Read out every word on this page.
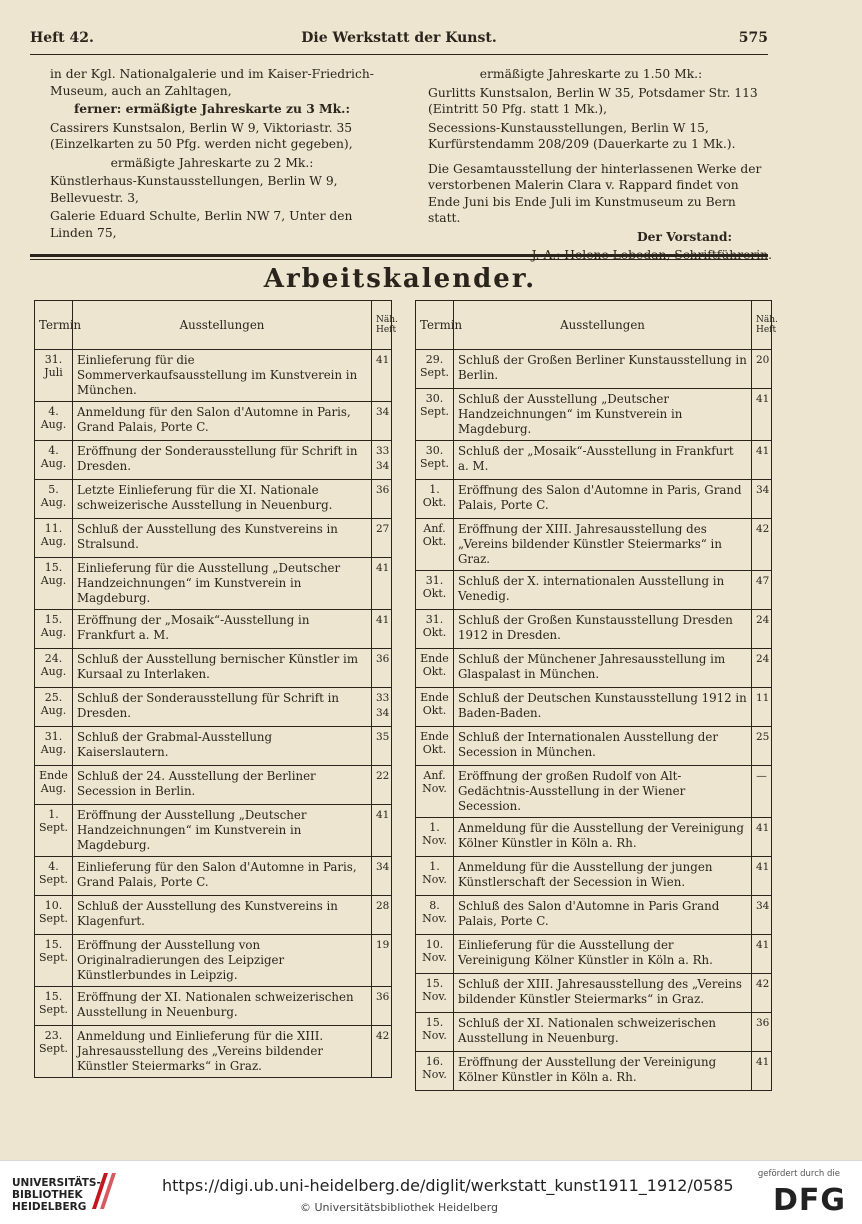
Heft 42.	Die Werkstatt der Kunst.	575

in der Kgl. Nationalgalerie und im Kaiser-Friedrich-Museum, auch an Zahltagen,

ferner: ermäßigte Jahreskarte zu 3 Mk.:

Cassirers Kunstsalon, Berlin W 9, Viktoriastr. 35 (Einzelkarten zu 50 Pfg. werden nicht gegeben),

ermäßigte Jahreskarte zu 2 Mk.:

Künstlerhaus-Kunstausstellungen, Berlin W 9, Bellevuestr. 3,

Galerie Eduard Schulte, Berlin NW 7, Unter den Linden 75,

ermäßigte Jahreskarte zu 1.50 Mk.:

Gurlitts Kunstsalon, Berlin W 35, Potsdamer Str. 113 (Eintritt 50 Pfg. statt 1 Mk.),

Secessions-Kunstausstellungen, Berlin W 15, Kurfürstendamm 208/209 (Dauerkarte zu 1 Mk.).

Die Gesamtausstellung der hinterlassenen Werke der verstorbenen Malerin Clara v. Rappard findet von Ende Juni bis Ende Juli im Kunstmuseum zu Bern statt.

Der Vorstand:

J. A.: Helene Lobedan, Schriftführerin.

Arbeitskalender.
Termin	Ausstellungen	Näh. Heft
31. Juli	Einlieferung für die Sommerverkaufsausstellung im Kunstverein in München.	41
4. Aug.	Anmeldung für den Salon d'Automne in Paris, Grand Palais, Porte C.	34
4. Aug.	Eröffnung der Sonderausstellung für Schrift in Dresden.	33 34
5. Aug.	Letzte Einlieferung für die XI. Nationale schweizerische Ausstellung in Neuenburg.	36
11. Aug.	Schluß der Ausstellung des Kunstvereins in Stralsund.	27
15. Aug.	Einlieferung für die Ausstellung „Deutscher Handzeichnungen“ im Kunstverein in Magdeburg.	41
15. Aug.	Eröffnung der „Mosaik“-Ausstellung in Frankfurt a. M.	41
24. Aug.	Schluß der Ausstellung bernischer Künstler im Kursaal zu Interlaken.	36
25. Aug.	Schluß der Sonderausstellung für Schrift in Dresden.	33 34
31. Aug.	Schluß der Grabmal-Ausstellung Kaiserslautern.	35
Ende Aug.	Schluß der 24. Ausstellung der Berliner Secession in Berlin.	22
1. Sept.	Eröffnung der Ausstellung „Deutscher Handzeichnungen“ im Kunstverein in Magdeburg.	41
4. Sept.	Einlieferung für den Salon d'Automne in Paris, Grand Palais, Porte C.	34
10. Sept.	Schluß der Ausstellung des Kunstvereins in Klagenfurt.	28
15. Sept.	Eröffnung der Ausstellung von Originalradierungen des Leipziger Künstlerbundes in Leipzig.	19
15. Sept.	Eröffnung der XI. Nationalen schweizerischen Ausstellung in Neuenburg.	36
23. Sept.	Anmeldung und Einlieferung für die XIII. Jahresausstellung des „Vereins bildender Künstler Steiermarks“ in Graz.	42
Termin	Ausstellungen	Näh. Heft
29. Sept.	Schluß der Großen Berliner Kunstausstellung in Berlin.	20
30. Sept.	Schluß der Ausstellung „Deutscher Handzeichnungen“ im Kunstverein in Magdeburg.	41
30. Sept.	Schluß der „Mosaik“-Ausstellung in Frankfurt a. M.	41
1. Okt.	Eröffnung des Salon d'Automne in Paris, Grand Palais, Porte C.	34
Anf. Okt.	Eröffnung der XIII. Jahresausstellung des „Vereins bildender Künstler Steiermarks“ in Graz.	42
31. Okt.	Schluß der X. internationalen Ausstellung in Venedig.	47
31. Okt.	Schluß der Großen Kunstausstellung Dresden 1912 in Dresden.	24
Ende Okt.	Schluß der Münchener Jahresausstellung im Glaspalast in München.	24
Ende Okt.	Schluß der Deutschen Kunstausstellung 1912 in Baden-Baden.	11
Ende Okt.	Schluß der Internationalen Ausstellung der Secession in München.	25
Anf. Nov.	Eröffnung der großen Rudolf von Alt-Gedächtnis-Ausstellung in der Wiener Secession.	—
1. Nov.	Anmeldung für die Ausstellung der Vereinigung Kölner Künstler in Köln a. Rh.	41
1. Nov.	Anmeldung für die Ausstellung der jungen Künstlerschaft der Secession in Wien.	41
8. Nov.	Schluß des Salon d'Automne in Paris Grand Palais, Porte C.	34
10. Nov.	Einlieferung für die Ausstellung der Vereinigung Kölner Künstler in Köln a. Rh.	41
15. Nov.	Schluß der XIII. Jahresausstellung des „Vereins bildender Künstler Steiermarks“ in Graz.	42
15. Nov.	Schluß der XI. Nationalen schweizerischen Ausstellung in Neuenburg.	36
16. Nov.	Eröffnung der Ausstellung der Vereinigung Kölner Künstler in Köln a. Rh.	41
UNIVERSITÄTS-
BIBLIOTHEK
HEIDELBERG
https://digi.ub.uni-heidelberg.de/diglit/werkstatt_kunst1911_1912/0585
© Universitätsbibliothek Heidelberg
gefördert durch die
DFG
